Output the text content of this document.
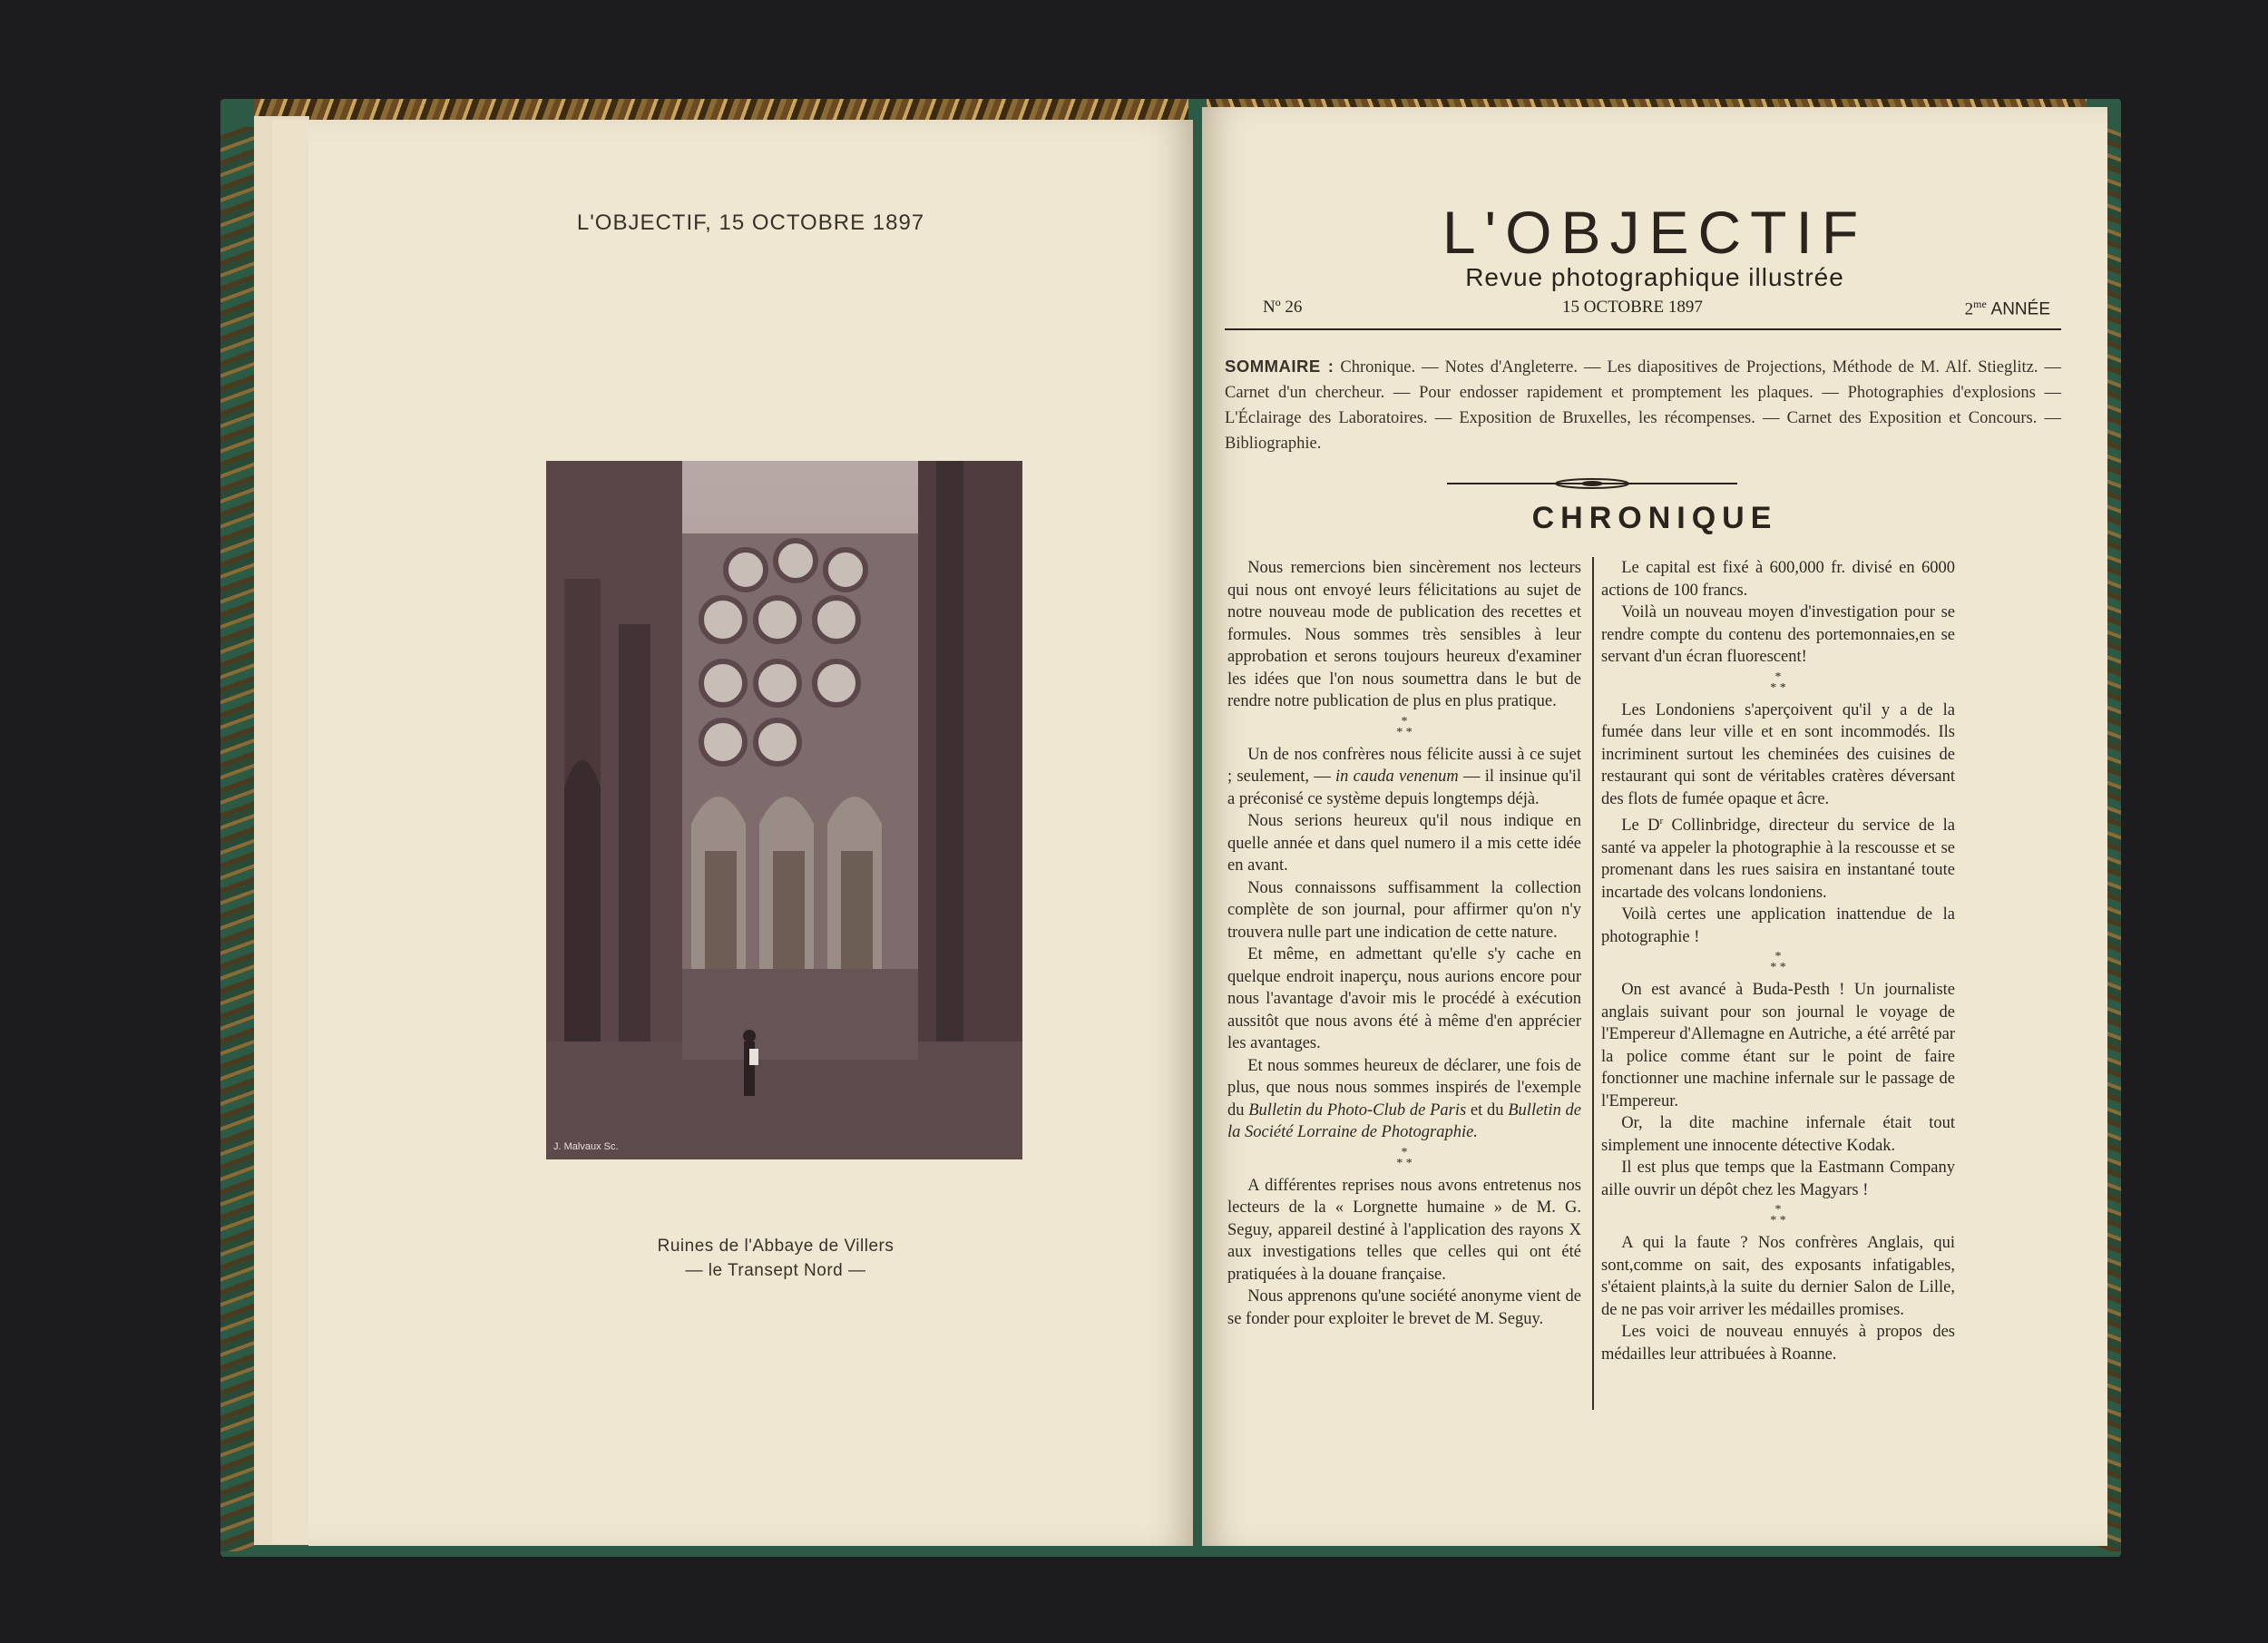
L'OBJECTIF, 15 OCTOBRE 1897
J. Malvaux Sc.
Ruines de l'Abbaye de Villers
— le Transept Nord —
L'OBJECTIF
Revue photographique illustrée
Nº 26	15 OCTOBRE 1897	$2^{me}$ ANNÉE
SOMMAIRE : Chronique. — Notes d'Angleterre. — Les diapositives de Projections, Méthode de M. Alf. Stieglitz. — Carnet d'un chercheur. — Pour endosser rapidement et promptement les plaques. — Photographies d'explosions — L'Éclairage des Laboratoires. — Exposition de Bruxelles, les récompenses. — Carnet des Exposition et Concours. — Bibliographie.
CHRONIQUE

Nous remercions bien sincèrement nos lecteurs qui nous ont envoyé leurs félicitations au sujet de notre nouveau mode de publication des recettes et formules. Nous sommes très sensibles à leur approbation et serons toujours heureux d'examiner les idées que l'on nous soumettra dans le but de rendre notre publication de plus en plus pratique.

*
* *

Un de nos confrères nous félicite aussi à ce sujet ; seulement, — in cauda venenum — il insinue qu'il a préconisé ce système depuis longtemps déjà.

Nous serions heureux qu'il nous indique en quelle année et dans quel numero il a mis cette idée en avant.

Nous connaissons suffisamment la collection complète de son journal, pour affirmer qu'on n'y trouvera nulle part une indication de cette nature.

Et même, en admettant qu'elle s'y cache en quelque endroit inaperçu, nous aurions encore pour nous l'avantage d'avoir mis le procédé à exécution aussitôt que nous avons été à même d'en apprécier les avantages.

Et nous sommes heureux de déclarer, une fois de plus, que nous nous sommes inspirés de l'exemple du Bulletin du Photo-Club de Paris et du Bulletin de la Société Lorraine de Photographie.

*
* *

A différentes reprises nous avons entretenus nos lecteurs de la « Lorgnette humaine » de M. G. Seguy, appareil destiné à l'application des rayons X aux investigations telles que celles qui ont été pratiquées à la douane française.

Nous apprenons qu'une société anonyme vient de se fonder pour exploiter le brevet de M. Seguy.

Le capital est fixé à 600,000 fr. divisé en 6000 actions de 100 francs.

Voilà un nouveau moyen d'investigation pour se rendre compte du contenu des portemonnaies,en se servant d'un écran fluorescent!

*
* *

Les Londoniens s'aperçoivent qu'il y a de la fumée dans leur ville et en sont incommodés. Ils incriminent surtout les cheminées des cuisines de restaurant qui sont de véritables cratères déversant des flots de fumée opaque et âcre.

Le $D^r$ Collinbridge, directeur du service de la santé va appeler la photographie à la rescousse et se promenant dans les rues saisira en instantané toute incartade des volcans londoniens.

Voilà certes une application inattendue de la photographie !

*
* *

On est avancé à Buda-Pesth ! Un journaliste anglais suivant pour son journal le voyage de l'Empereur d'Allemagne en Autriche, a été arrêté par la police comme étant sur le point de faire fonctionner une machine infernale sur le passage de l'Empereur.

Or, la dite machine infernale était tout simplement une innocente détective Kodak.

Il est plus que temps que la Eastmann Company aille ouvrir un dépôt chez les Magyars !

*
* *

A qui la faute ? Nos confrères Anglais, qui sont,comme on sait, des exposants infatigables, s'étaient plaints,à la suite du dernier Salon de Lille, de ne pas voir arriver les médailles promises.

Les voici de nouveau ennuyés à propos des médailles leur attribuées à Roanne.
